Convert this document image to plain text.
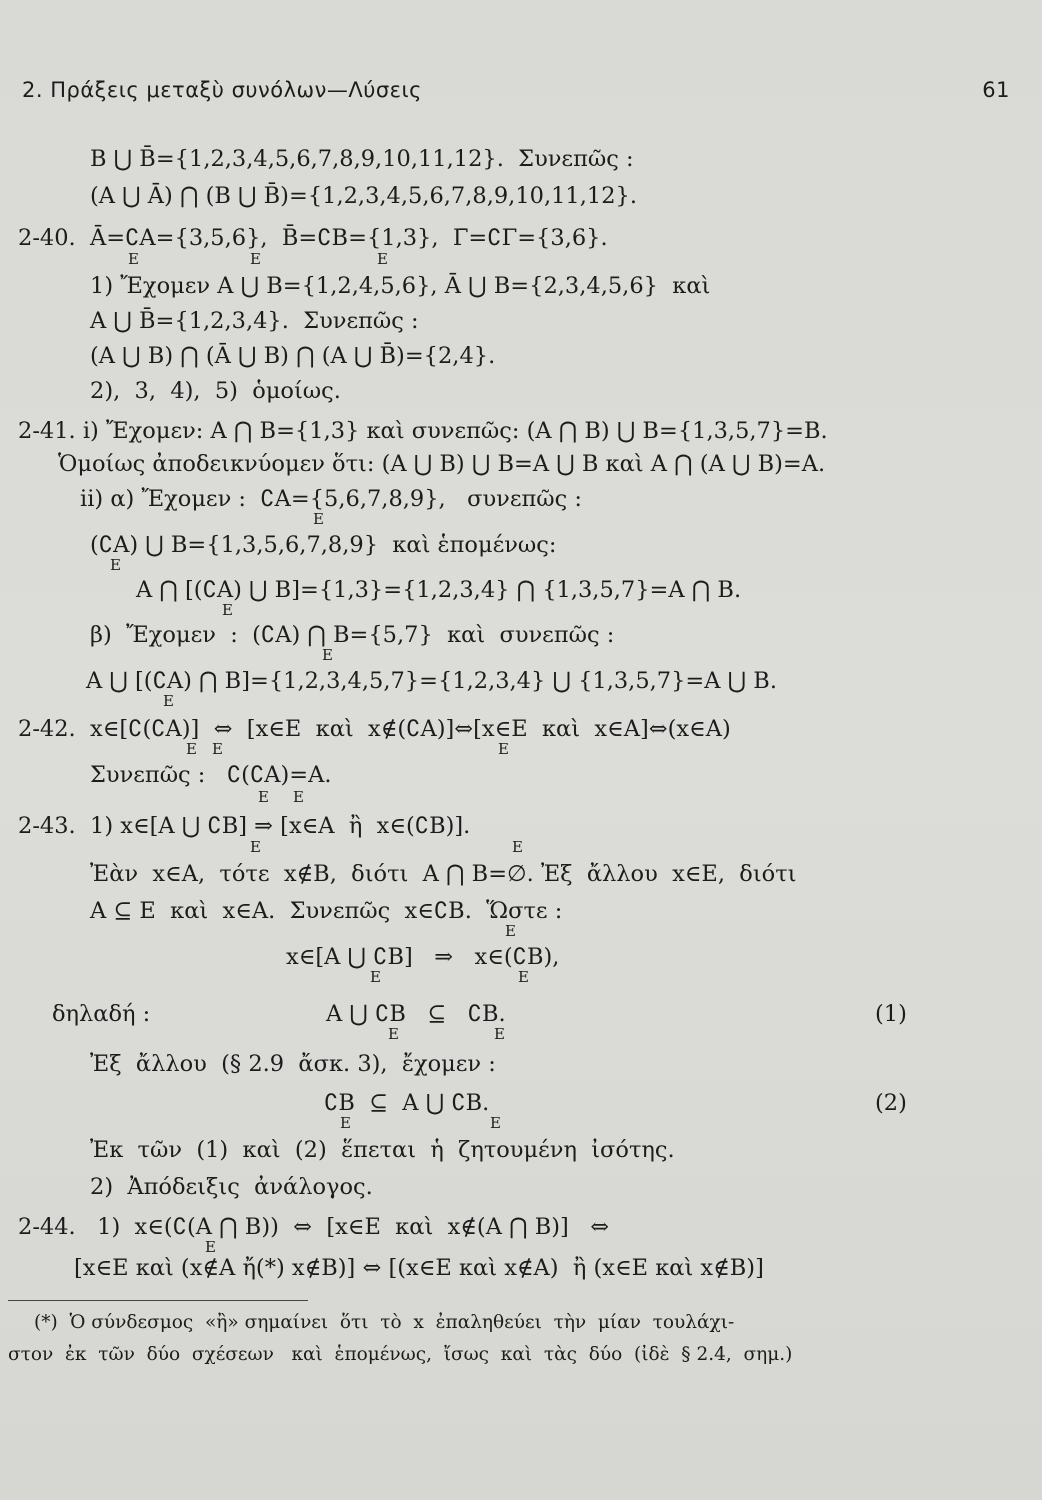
2. Πράξεις μεταξὺ συνόλων—Λύσεις	61
B ⋃ B̄={1,2,3,4,5,6,7,8,9,10,11,12}.  Συνεπῶς :
(A ⋃ Ā) ⋂ (B ⋃ B̄)={1,2,3,4,5,6,7,8,9,10,11,12}.
2-40.  Ā=∁A={3,5,6},  B̄=∁B={1,3},  Γ̄=∁Γ={3,6}.
E	E	E
1) Ἔχομεν A ⋃ B={1,2,4,5,6}, Ā ⋃ B={2,3,4,5,6}  καὶ
A ⋃ B̄={1,2,3,4}.  Συνεπῶς :
(A ⋃ B) ⋂ (Ā ⋃ B) ⋂ (A ⋃ B̄)={2,4}.
2),  3,  4),  5)  ὁμοίως.
2-41. i) Ἔχομεν: A ⋂ B={1,3} καὶ συνεπῶς: (A ⋂ B) ⋃ B={1,3,5,7}=B.
Ὁμοίως ἀποδεικνύομεν ὅτι: (A ⋃ B) ⋃ B=A ⋃ B καὶ A ⋂ (A ⋃ B)=A.
ii) α) Ἔχομεν :  ∁A={5,6,7,8,9},   συνεπῶς :
E
(∁A) ⋃ B={1,3,5,6,7,8,9}  καὶ ἑπομένως:
E
A ⋂ [(∁A) ⋃ B]={1,3}={1,2,3,4} ⋂ {1,3,5,7}=A ⋂ B.
E
β)  Ἔχομεν  :  (∁A) ⋂ B={5,7}  καὶ  συνεπῶς :
E
A ⋃ [(∁A) ⋂ B]={1,2,3,4,5,7}={1,2,3,4} ⋃ {1,3,5,7}=A ⋃ B.
E
2-42.  x∈[∁(∁A)]  ⇔  [x∈E  καὶ  x∉(∁A)]⇔[x∈E  καὶ  x∈A]⇔(x∈A)
E E	E
Συνεπῶς :   ∁(∁A)=A.
E E
2-43.  1) x∈[A ⋃ ∁B] ⇒ [x∈A  ἢ  x∈(∁B)].
E	E
Ἐὰν  x∈A,  τότε  x∉B,  διότι  A ⋂ B=∅. Ἐξ  ἄλλου  x∈E,  διότι
A ⊆ E  καὶ  x∈A.  Συνεπῶς  x∈∁B.  Ὥστε :
E
x∈[A ⋃ ∁B]   ⇒   x∈(∁B),
E	E
δηλαδή :	A ⋃ ∁B   ⊆   ∁B.	(1)
E	E
Ἐξ  ἄλλου  (§ 2.9  ἄσκ. 3),  ἔχομεν :
∁B  ⊆  A ⋃ ∁B.	(2)
E	E
Ἐκ  τῶν  (1)  καὶ  (2)  ἕπεται  ἡ  ζητουμένη  ἰσότης.
2)  Ἀπόδειξις  ἀνάλογος.
2-44.   1)  x∈(∁(A ⋂ B))  ⇔  [x∈E  καὶ  x∉(A ⋂ B)]   ⇔
E
[x∈E καὶ (x∉A ἤ(*) x∉B)] ⇔ [(x∈E καὶ x∉A)  ἢ (x∈E καὶ x∉B)]
(*)  Ὁ σύνδεσμος  «ἢ» σημαίνει  ὅτι  τὸ  x  ἐπαληθεύει  τὴν  μίαν  τουλάχι-
στον  ἐκ  τῶν  δύο  σχέσεων   καὶ  ἑπομένως,  ἴσως  καὶ  τὰς  δύο  (ἰδὲ  § 2.4,  σημ.)
